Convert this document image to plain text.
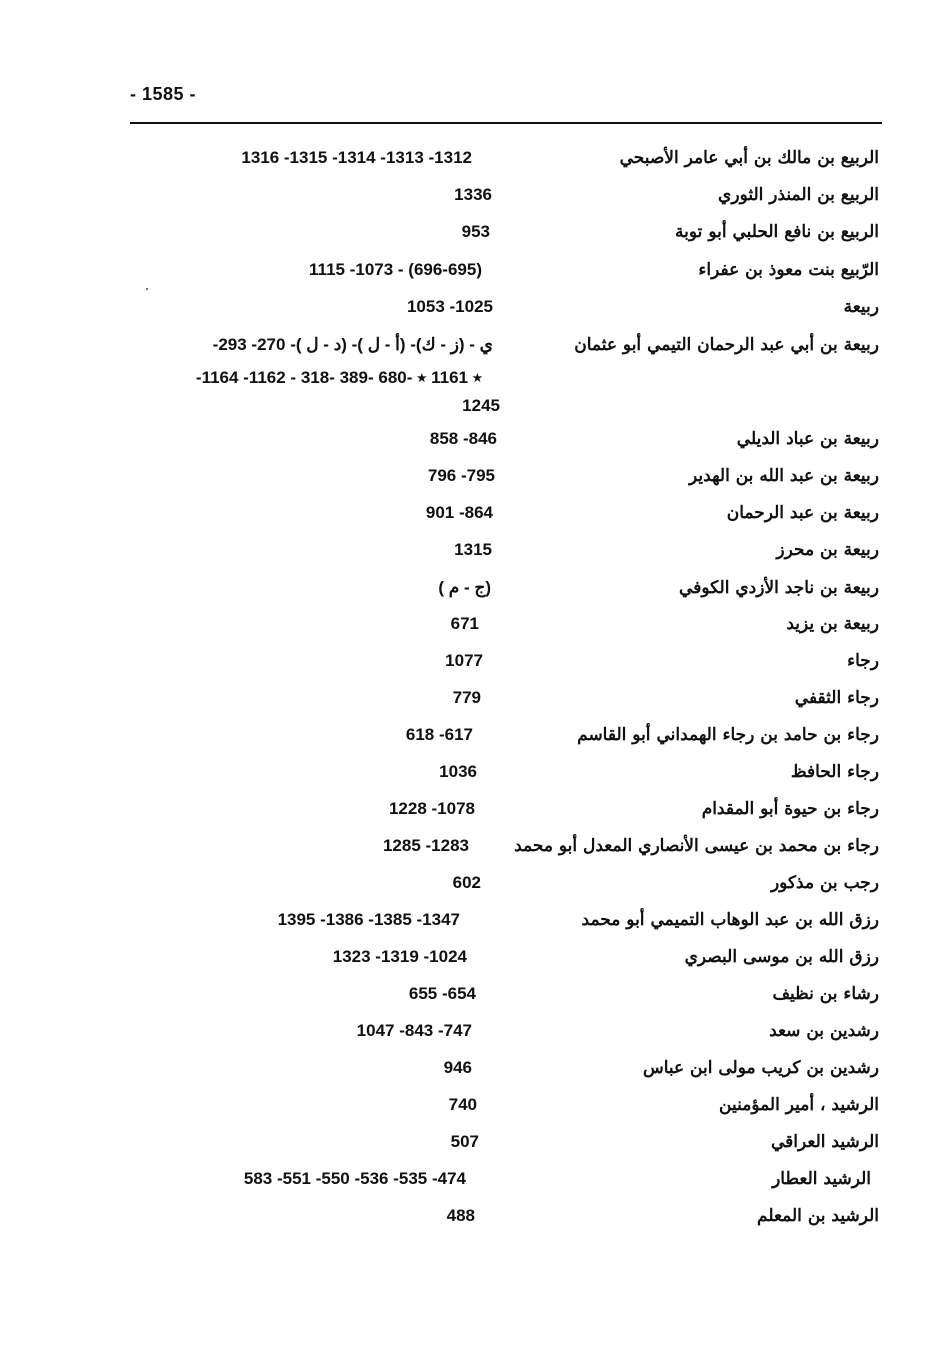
- 1585 -
الربيع بن مالك بن أبي عامر الأصبحي
1316 -1315 -1314 -1313 -1312
الربيع بن المنذر الثوري
1336
الربيع بن نافع الحلبي أبو توبة
953
الرّبيع بنت معوذ بن عفراء
1115 -1073 - (696-695)
ربيعة
1053 -1025
ربيعة بن أبي عبد الرحمان التيمي أبو عثمان
ي - (ز - ك)- (أ - ل )- (د - ل )- 270- 293-
-1164 -1162 - ٭ 1161 ٭ -680 -389 -318
1245
ربيعة بن عباد الديلي
858 -846
ربيعة بن عبد الله بن الهدير
796 -795
ربيعة بن عبد الرحمان
901 -864
ربيعة بن محرز
1315
ربيعة بن ناجد الأزدي الكوفي
(ج - م )
ربيعة بن يزيد
671
رجاء
1077
رجاء الثقفي
779
رجاء بن حامد بن رجاء الهمداني أبو القاسم
618 -617
رجاء الحافظ
1036
رجاء بن حيوة أبو المقدام
1228 -1078
رجاء بن محمد بن عيسى الأنصاري المعدل أبو محمد
1285 -1283
رجب بن مذكور
602
رزق الله بن عبد الوهاب التميمي أبو محمد
1395 -1386 -1385 -1347
رزق الله بن موسى البصري
1323 -1319 -1024
رشاء بن نظيف
655 -654
رشدين بن سعد
1047 -843 -747
رشدين بن كريب مولى ابن عباس
946
الرشيد ، أمير المؤمنين
740
الرشيد العراقي
507
الرشيد العطار
583 -551 -550 -536 -535 -474
الرشيد بن المعلم
488
